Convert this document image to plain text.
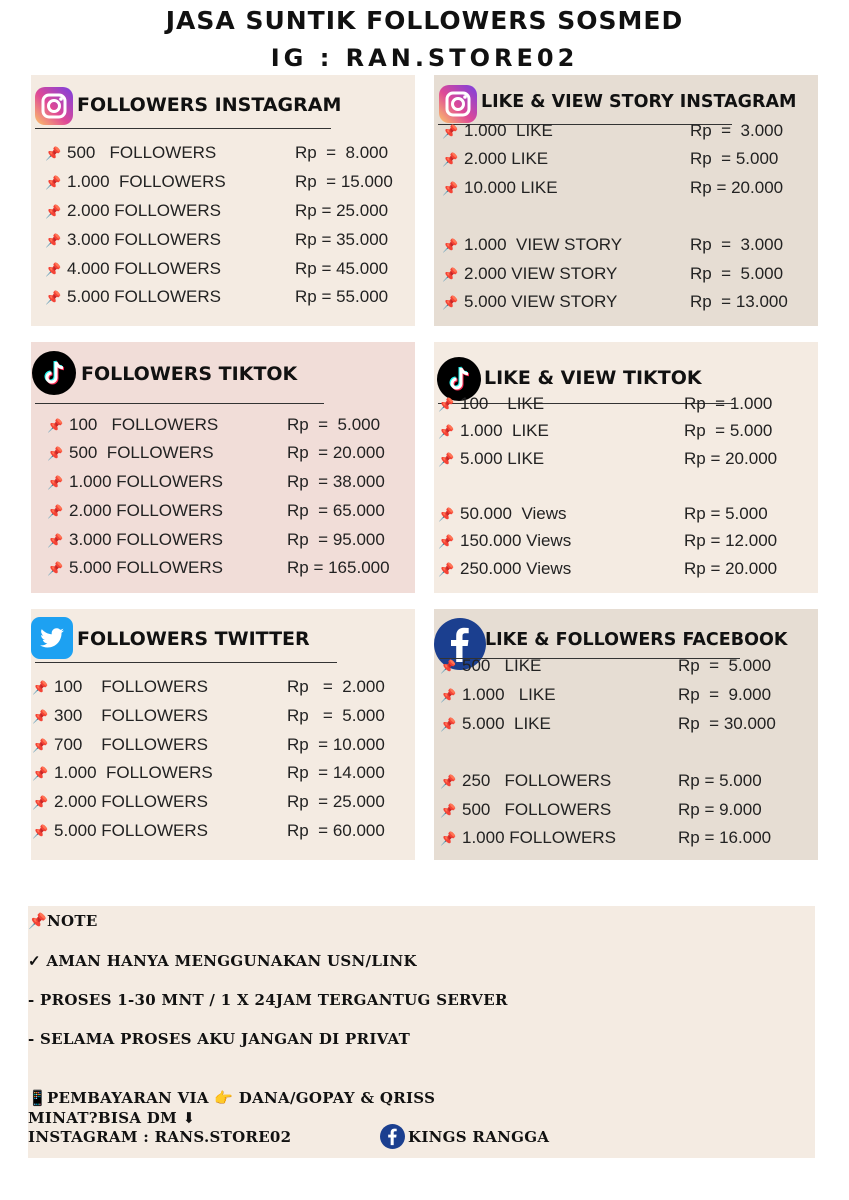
JASA SUNTIK FOLLOWERS SOSMED
IG : RAN.STORE02
FOLLOWERS INSTAGRAM
📌 500   FOLLOWERS	Rp  =  8.000
📌 1.000  FOLLOWERS	Rp  = 15.000
📌 2.000 FOLLOWERS	Rp = 25.000
📌 3.000 FOLLOWERS	Rp = 35.000
📌 4.000 FOLLOWERS	Rp = 45.000
📌 5.000 FOLLOWERS	Rp = 55.000
LIKE & VIEW STORY INSTAGRAM
📌 1.000  LIKE	Rp  =  3.000
📌 2.000 LIKE	Rp  = 5.000
📌 10.000 LIKE	Rp = 20.000
📌 1.000  VIEW STORY	Rp  =  3.000
📌 2.000 VIEW STORY	Rp  =  5.000
📌 5.000 VIEW STORY	Rp  = 13.000
FOLLOWERS TIKTOK
📌 100   FOLLOWERS	Rp  =  5.000
📌 500  FOLLOWERS	Rp  = 20.000
📌 1.000 FOLLOWERS	Rp  = 38.000
📌 2.000 FOLLOWERS	Rp  = 65.000
📌 3.000 FOLLOWERS	Rp  = 95.000
📌 5.000 FOLLOWERS	Rp = 165.000
LIKE & VIEW TIKTOK
📌 100    LIKE	Rp  = 1.000
📌 1.000  LIKE	Rp  = 5.000
📌 5.000 LIKE	Rp = 20.000
📌 50.000  Views	Rp = 5.000
📌 150.000 Views	Rp = 12.000
📌 250.000 Views	Rp = 20.000
FOLLOWERS TWITTER
📌 100    FOLLOWERS	Rp   =  2.000
📌 300    FOLLOWERS	Rp   =  5.000
📌 700    FOLLOWERS	Rp  = 10.000
📌 1.000  FOLLOWERS	Rp  = 14.000
📌 2.000 FOLLOWERS	Rp  = 25.000
📌 5.000 FOLLOWERS	Rp  = 60.000
LIKE & FOLLOWERS FACEBOOK
📌 500   LIKE	Rp  =  5.000
📌 1.000   LIKE	Rp  =  9.000
📌 5.000  LIKE	Rp  = 30.000
📌 250   FOLLOWERS	Rp = 5.000
📌 500   FOLLOWERS	Rp = 9.000
📌 1.000 FOLLOWERS	Rp = 16.000
📌NOTE
✓ AMAN HANYA MENGGUNAKAN USN/LINK
- PROSES 1-30 MNT / 1 X 24JAM TERGANTUG SERVER
- SELAMA PROSES AKU JANGAN DI PRIVAT
📱PEMBAYARAN VIA 👉 DANA/GOPAY & QRISS
MINAT?BISA DM ⬇
INSTAGRAM : RANS.STORE02	KINGS RANGGA
